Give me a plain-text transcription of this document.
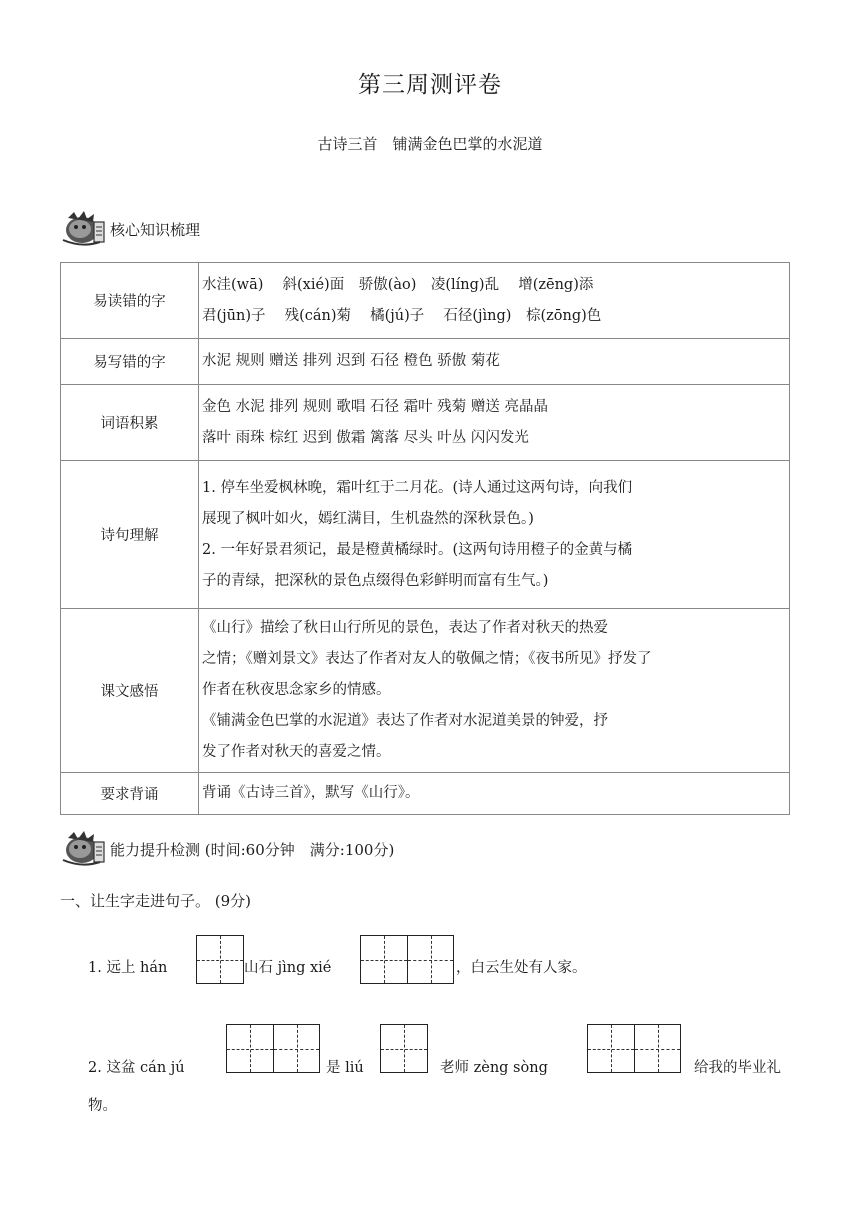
第三周测评卷
古诗三首　铺满金色巴掌的水泥道
核心知识梳理
易读错的字	水洼(wā)　 斜(xié)面　骄傲(ào)　凌(líng)乱　 增(zēng)添
君(jūn)子　 残(cán)菊　 橘(jú)子　 石径(jìng)　棕(zōng)色

易写错的字	水泥 规则 赠送 排列 迟到 石径 橙色 骄傲 菊花

词语积累	金色 水泥 排列 规则 歌唱 石径 霜叶 残菊 赠送 亮晶晶
落叶 雨珠 棕红 迟到 傲霜 篱落 尽头 叶丛 闪闪发光

诗句理解	1. 停车坐爱枫林晚，霜叶红于二月花。(诗人通过这两句诗，向我们
展现了枫叶如火，嫣红满目，生机盎然的深秋景色。)
2. 一年好景君须记，最是橙黄橘绿时。(这两句诗用橙子的金黄与橘
子的青绿，把深秋的景色点缀得色彩鲜明而富有生气。)

课文感悟	《山行》描绘了秋日山行所见的景色，表达了作者对秋天的热爱
之情；《赠刘景文》表达了作者对友人的敬佩之情；《夜书所见》抒发了
作者在秋夜思念家乡的情感。
《铺满金色巴掌的水泥道》表达了作者对水泥道美景的钟爱，抒
发了作者对秋天的喜爱之情。

要求背诵	背诵《古诗三首》，默写《山行》。
能力提升检测 (时间:60分钟　满分:100分)
一、让生字走进句子。 (9分)
1. 远上 hán	山石 jìng xié	，白云生处有人家。
2. 这盆 cán jú	是 liú	老师 zèng sòng	给我的毕业礼
物。
